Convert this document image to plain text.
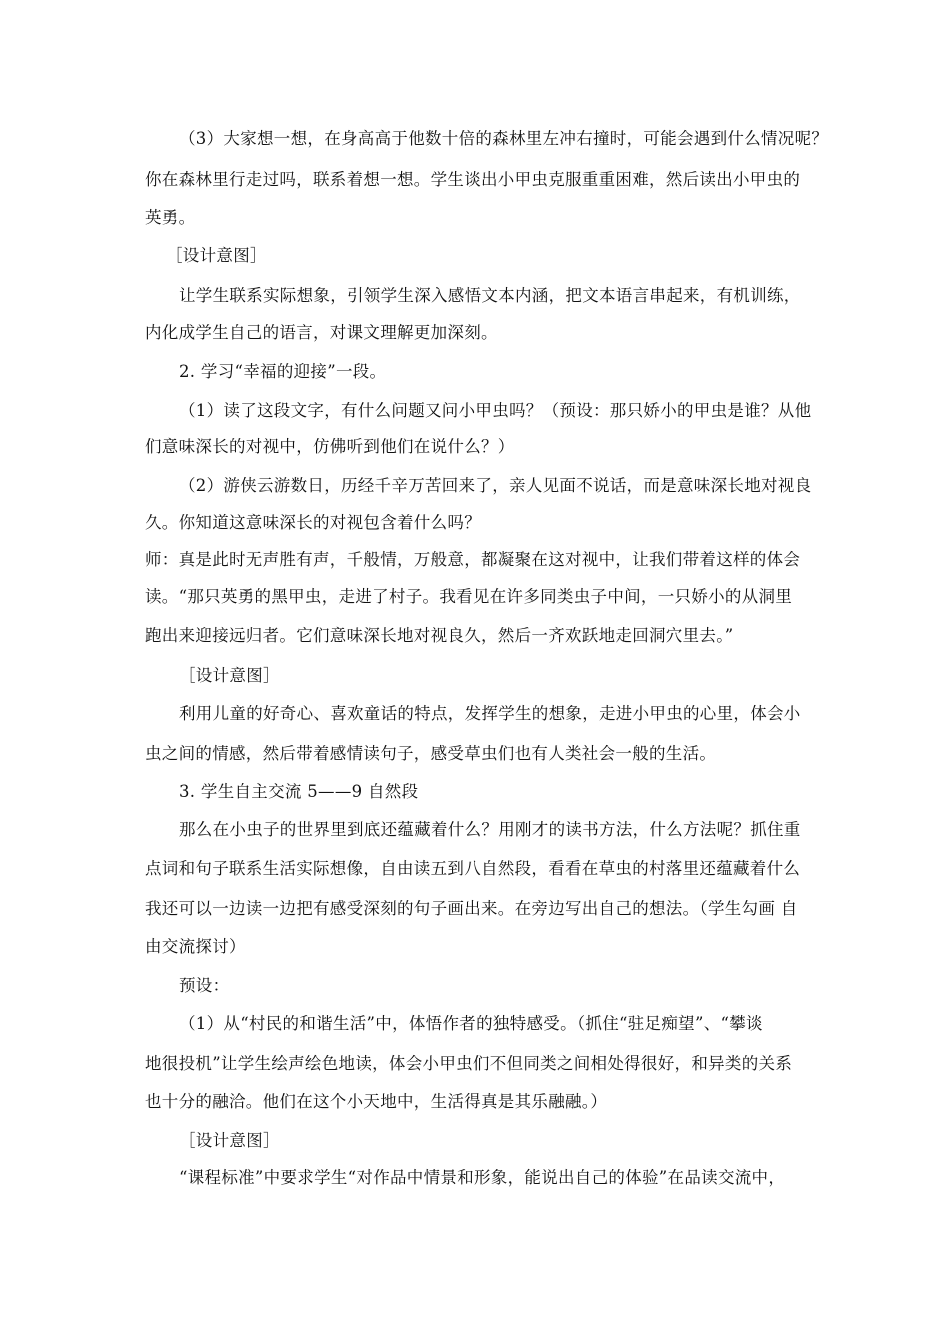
（3）大家想一想，在身高高于他数十倍的森林里左冲右撞时，可能会遇到什么情况呢？
你在森林里行走过吗，联系着想一想。学生谈出小甲虫克服重重困难，然后读出小甲虫的
英勇。
［设计意图］
让学生联系实际想象，引领学生深入感悟文本内涵，把文本语言串起来，有机训练，
内化成学生自己的语言，对课文理解更加深刻。
2. 学习“幸福的迎接”一段。
（1）读了这段文字，有什么问题又问小甲虫吗？（预设：那只娇小的甲虫是谁？从他
们意味深长的对视中，仿佛听到他们在说什么？）
（2）游侠云游数日，历经千辛万苦回来了，亲人见面不说话，而是意味深长地对视良
久。你知道这意味深长的对视包含着什么吗？
师：真是此时无声胜有声，千般情，万般意，都凝聚在这对视中，让我们带着这样的体会
读。“那只英勇的黑甲虫，走进了村子。我看见在许多同类虫子中间，一只娇小的从洞里
跑出来迎接远归者。它们意味深长地对视良久，然后一齐欢跃地走回洞穴里去。”
［设计意图］
利用儿童的好奇心、喜欢童话的特点，发挥学生的想象，走进小甲虫的心里，体会小
虫之间的情感，然后带着感情读句子，感受草虫们也有人类社会一般的生活。
3. 学生自主交流 5——9 自然段
那么在小虫子的世界里到底还蕴藏着什么？用刚才的读书方法，什么方法呢？抓住重
点词和句子联系生活实际想像，自由读五到八自然段，看看在草虫的村落里还蕴藏着什么
我还可以一边读一边把有感受深刻的句子画出来。在旁边写出自己的想法。（学生勾画 自
由交流探讨）
预设：
（1）从“村民的和谐生活”中，体悟作者的独特感受。（抓住“驻足痴望”、“攀谈
地很投机”让学生绘声绘色地读，体会小甲虫们不但同类之间相处得很好，和异类的关系
也十分的融洽。他们在这个小天地中，生活得真是其乐融融。）
［设计意图］
“课程标准”中要求学生“对作品中情景和形象，能说出自己的体验”在品读交流中，
